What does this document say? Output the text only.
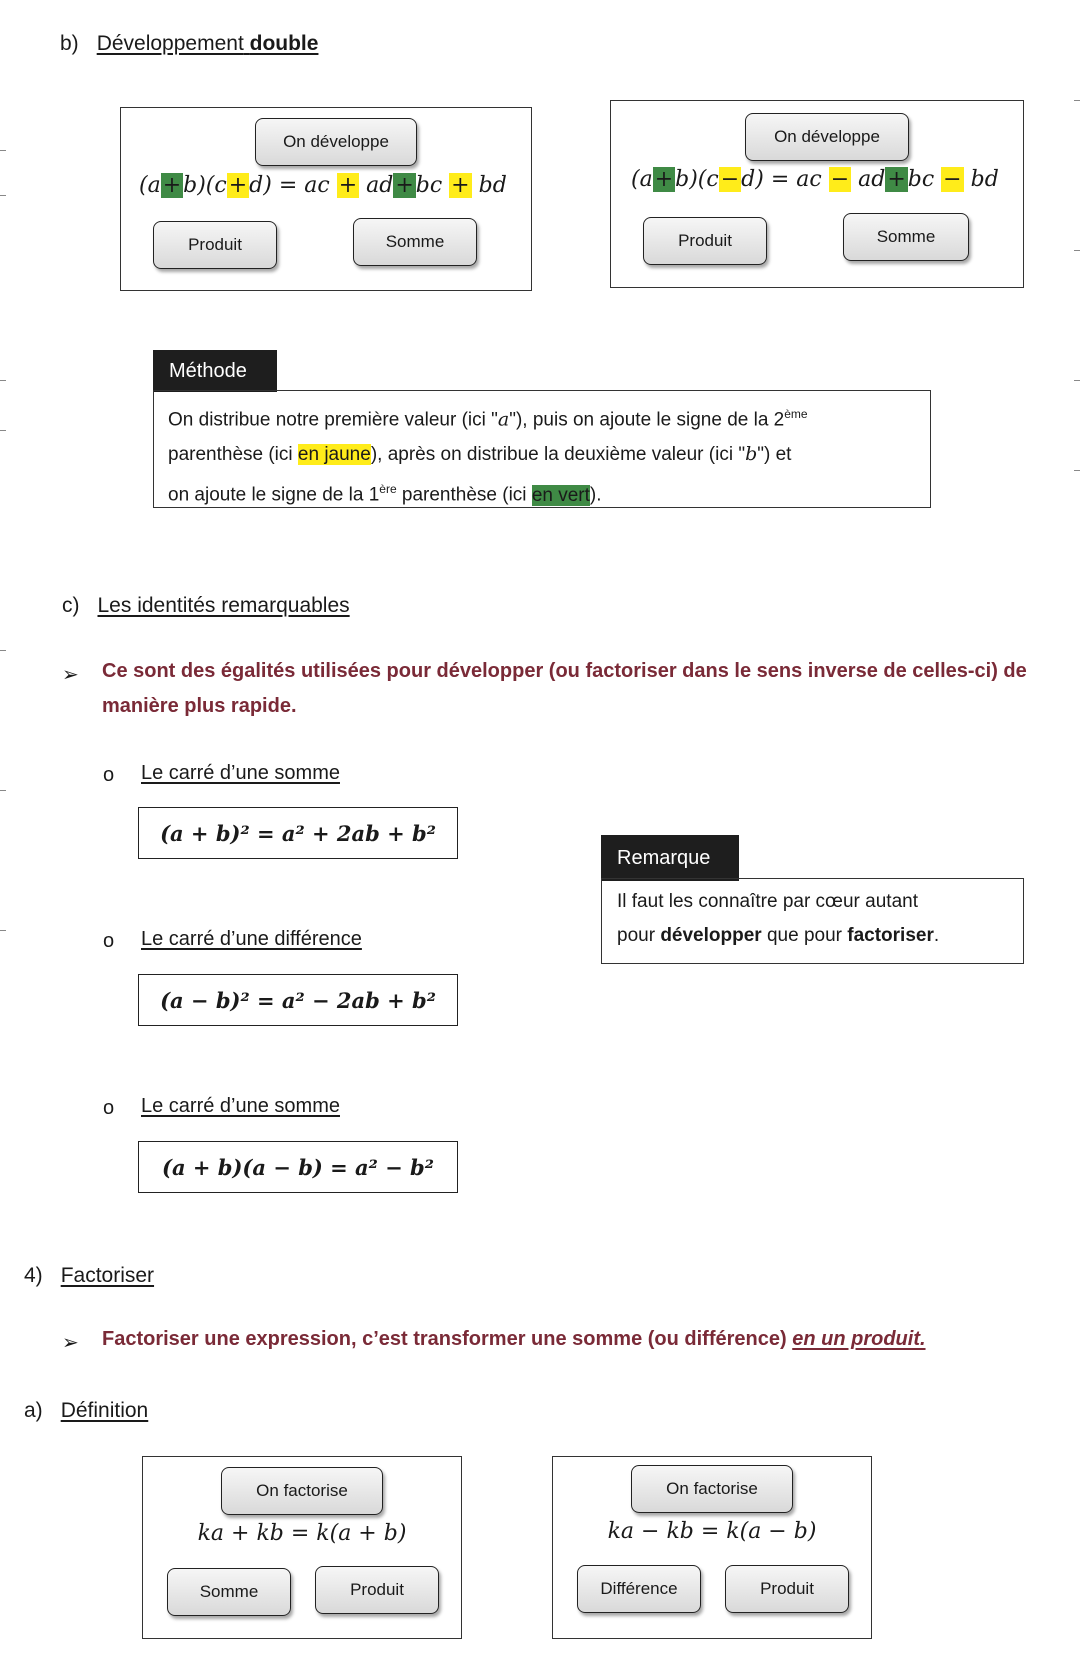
b) Développement double
On développe
(a+b)(c+d) = ac + ad+bc + bd
Produit	Somme
On développe
(a+b)(c−d) = ac − ad+bc − bd
Produit	Somme
Méthode
On distribue notre première valeur (ici "a"), puis on ajoute le signe de la 2ème
parenthèse (ici en jaune), après on distribue la deuxième valeur (ici "b") et
on ajoute le signe de la 1ère parenthèse (ici en vert).
c) Les identités remarquables
➢ Ce sont des égalités utilisées pour développer (ou factoriser dans le sens inverse de celles-ci) de manière plus rapide.
o Le carré d’une somme
(a + b)² = a² + 2ab + b²
o Le carré d’une différence
(a − b)² = a² − 2ab + b²
o Le carré d’une somme
(a + b)(a − b) = a² − b²
Remarque
Il faut les connaître par cœur autant
pour développer que pour factoriser.
4) Factoriser
➢ Factoriser une expression, c’est transformer une somme (ou différence) en un produit.
a) Définition
On factorise
ka + kb = k(a + b)
Somme	Produit
On factorise
ka − kb = k(a − b)
Différence	Produit
